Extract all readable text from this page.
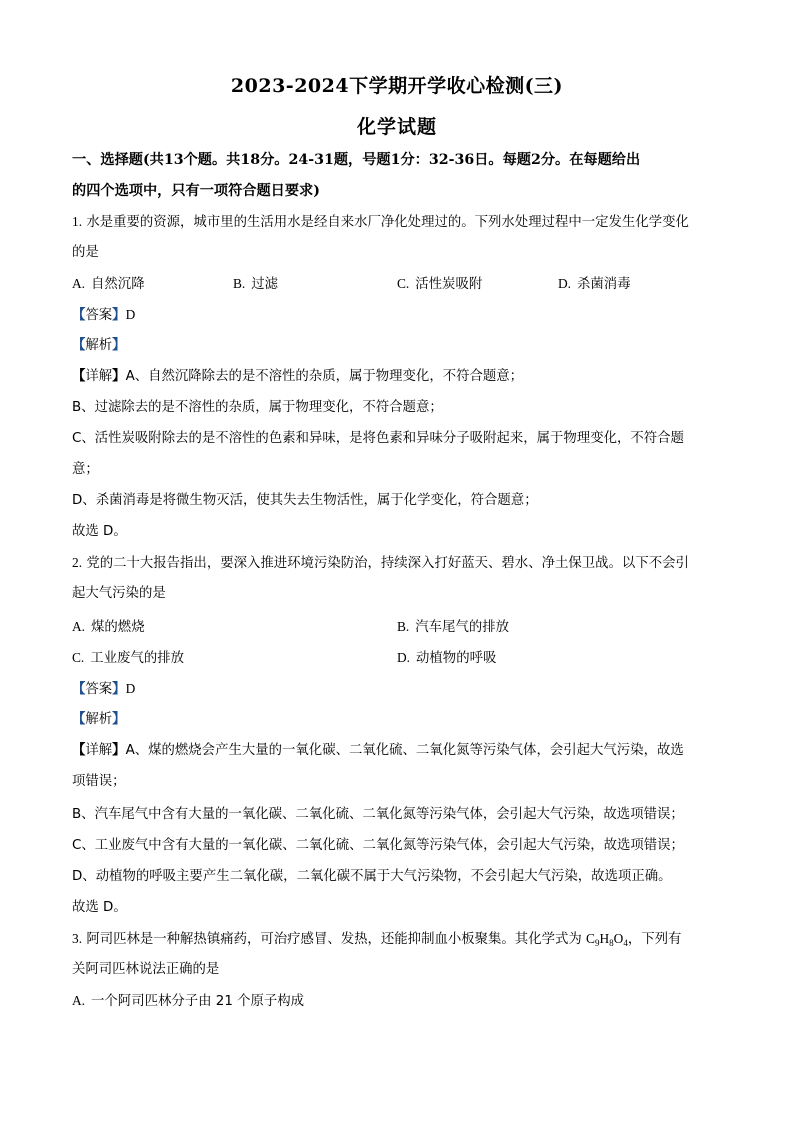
2023-2024下学期开学收心检测(三)
化学试题
一、选择题(共13个题。共18分。24-31题，号题1分：32-36日。每题2分。在每题给出
的四个选项中，只有一项符合题日要求)
1. 水是重要的资源，城市里的生活用水是经自来水厂净化处理过的。下列水处理过程中一定发生化学变化
的是
A. 自然沉降	B. 过滤	C. 活性炭吸附	D. 杀菌消毒
【答案】D
【解析】
【详解】A、自然沉降除去的是不溶性的杂质，属于物理变化，不符合题意；
B、过滤除去的是不溶性的杂质，属于物理变化，不符合题意；
C、活性炭吸附除去的是不溶性的色素和异味，是将色素和异味分子吸附起来，属于物理变化，不符合题
意；
D、杀菌消毒是将微生物灭活，使其失去生物活性，属于化学变化，符合题意；
故选 D。
2. 党的二十大报告指出，要深入推进环境污染防治，持续深入打好蓝天、碧水、净土保卫战。以下不会引
起大气污染的是
A. 煤的燃烧	B. 汽车尾气的排放
C. 工业废气的排放	D. 动植物的呼吸
【答案】D
【解析】
【详解】A、煤的燃烧会产生大量的一氧化碳、二氧化硫、二氧化氮等污染气体，会引起大气污染，故选
项错误；
B、汽车尾气中含有大量的一氧化碳、二氧化硫、二氧化氮等污染气体，会引起大气污染，故选项错误；
C、工业废气中含有大量的一氧化碳、二氧化硫、二氧化氮等污染气体，会引起大气污染，故选项错误；
D、动植物的呼吸主要产生二氧化碳，二氧化碳不属于大气污染物，不会引起大气污染，故选项正确。
故选 D。
3. 阿司匹林是一种解热镇痛药，可治疗感冒、发热，还能抑制血小板聚集。其化学式为 $C_9H_8O_4$，下列有
关阿司匹林说法正确的是
A. 一个阿司匹林分子由 21 个原子构成
